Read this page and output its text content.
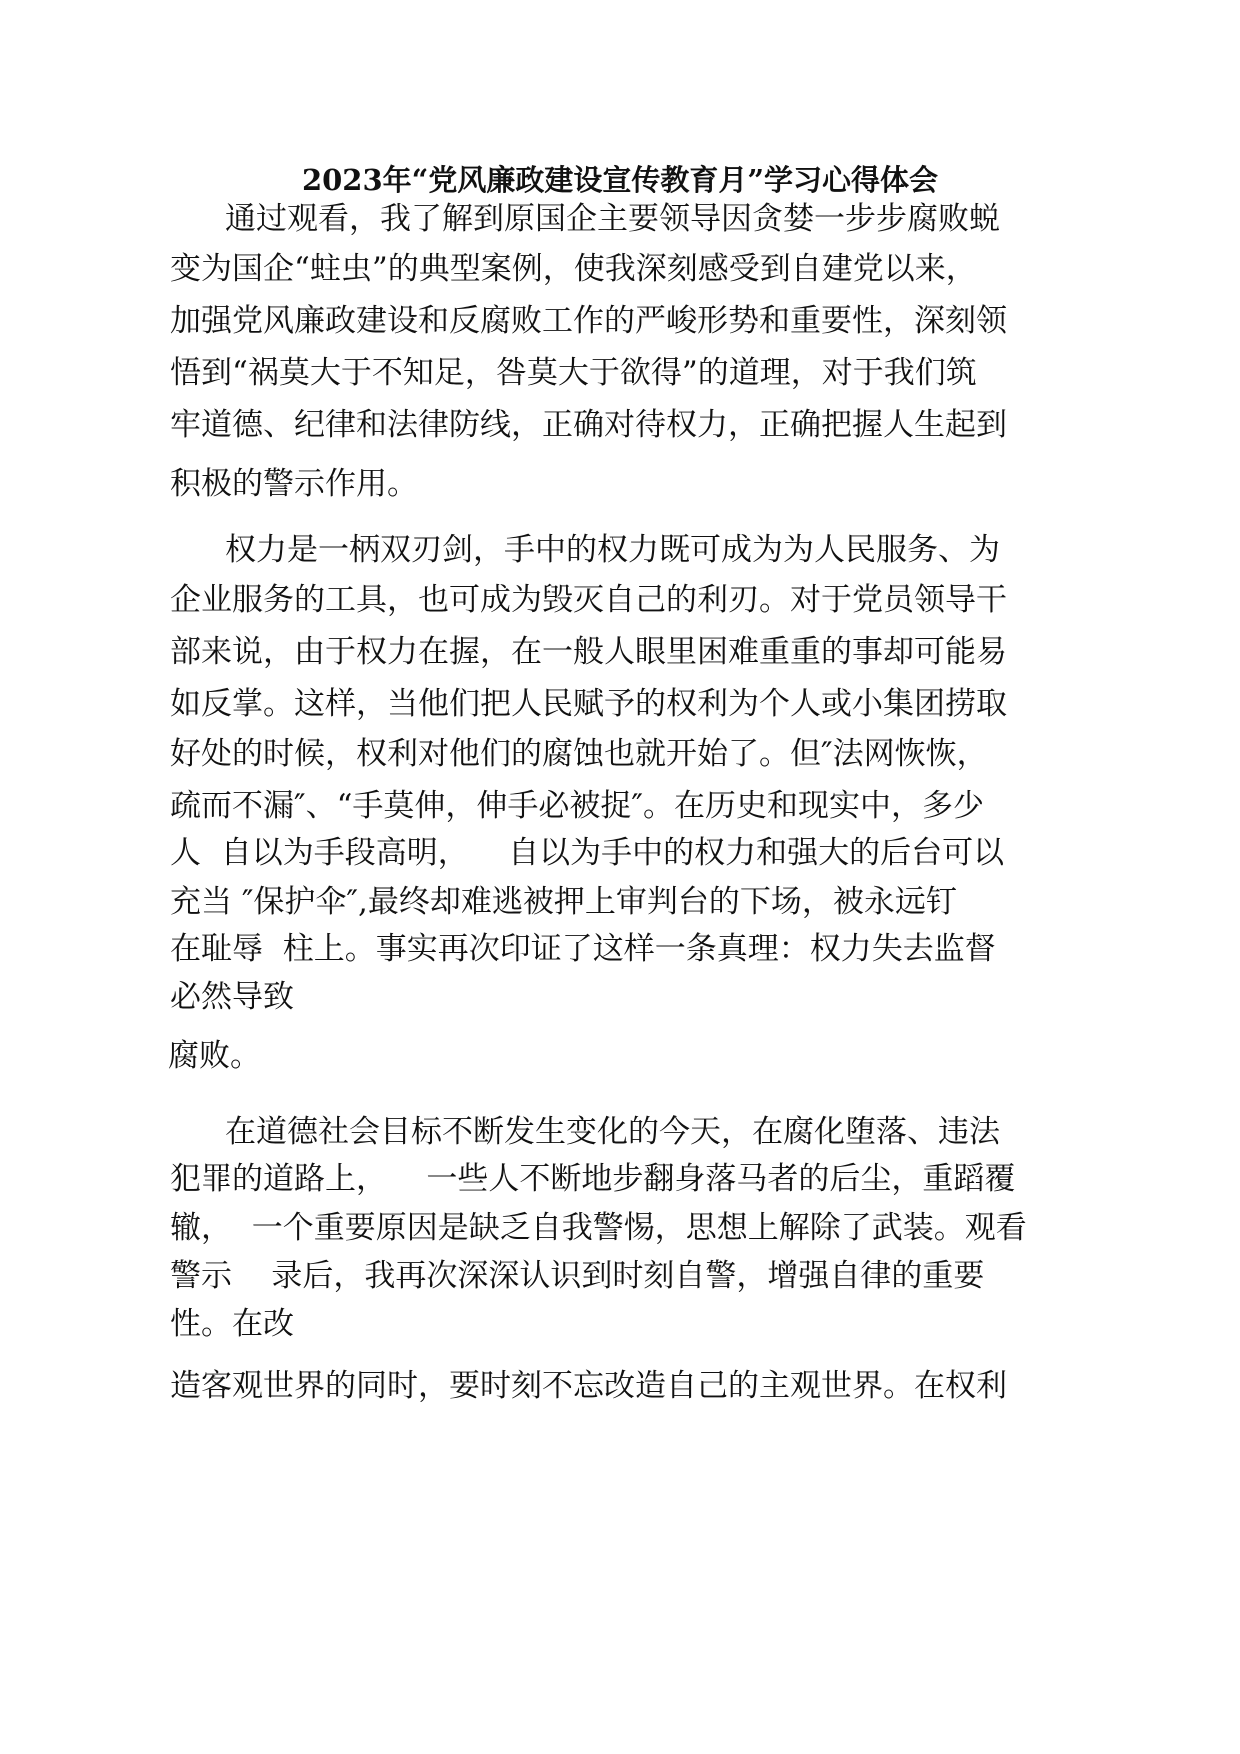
2023年“党风廉政建设宣传教育月”学习心得体会
通过观看，我了解到原国企主要领导因贪婪一步步腐败蜕
变为国企“蛀虫”的典型案例，使我深刻感受到自建党以来，
加强党风廉政建设和反腐败工作的严峻形势和重要性，深刻领
悟到“祸莫大于不知足，咎莫大于欲得”的道理，对于我们筑
牢道德、纪律和法律防线，正确对待权力，正确把握人生起到
积极的警示作用。
权力是一柄双刃剑，手中的权力既可成为为人民服务、为
企业服务的工具，也可成为毁灭自己的利刃。对于党员领导干
部来说，由于权力在握，在一般人眼里困难重重的事却可能易
如反掌。这样，当他们把人民赋予的权利为个人或小集团捞取
好处的时候，权利对他们的腐蚀也就开始了。但″法网恢恢，
疏而不漏″、“手莫伸，伸手必被捉″。在历史和现实中，多少
人  自以为手段高明，    自以为手中的权力和强大的后台可以
充当 ″保护伞″,最终却难逃被押上审判台的下场，被永远钉
在耻辱  柱上。事实再次印证了这样一条真理：权力失去监督
必然导致
腐败。
在道德社会目标不断发生变化的今天，在腐化堕落、违法
犯罪的道路上，    一些人不断地步翻身落马者的后尘，重蹈覆
辙，  一个重要原因是缺乏自我警惕，思想上解除了武装。观看
警示    录后，我再次深深认识到时刻自警，增强自律的重要
性。在改
造客观世界的同时，要时刻不忘改造自己的主观世界。在权利
